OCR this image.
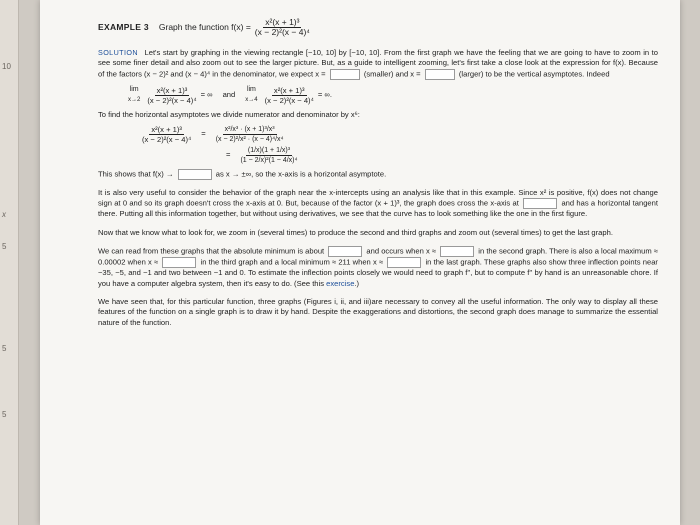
10
x
5
5
5
EXAMPLE 3 Graph the function $f(x) = \frac{\text{x²(x + 1)³}}{\text{(x − 2)²(x − 4)⁴}}$

SOLUTION Let's start by graphing in the viewing rectangle [−10, 10] by [−10, 10]. From the first graph we have the feeling that we are going to have to zoom in to see some finer detail and also zoom out to see the larger picture. But, as a guide to intelligent zooming, let's first take a close look at the expression for f(x). Because of the factors (x − 2)² and (x − 4)⁴ in the denominator, we expect x =	(smaller) and x =	(larger) to be the vertical asymptotes. Indeed

lim
$x\to 2 \frac{\text{x²(x + 1)³}}{\text{(x − 2)²(x − 4)⁴}}$ = ∞ and
lim
$x\to 4 \frac{\text{x²(x + 1)³}}{\text{(x − 2)²(x − 4)⁴}}$ = ∞.

To find the horizontal asymptotes we divide numerator and denominator by x⁶:

$\frac{\text{x²(x + 1)³}}{\text{(x − 2)²(x − 4)⁴}} = \frac{\text{x²/x³ · (x + 1)³/x³}}{\text{(x − 2)²/x² · (x − 4)⁴/x⁴}}$
= $\frac{\text{(1/x)(1 + 1/x)³}}{\text{(1 − 2/x)²(1 − 4/x)⁴}}$

This shows that f(x) →	as x → ±∞, so the x-axis is a horizontal asymptote.

It is also very useful to consider the behavior of the graph near the x-intercepts using an analysis like that in this example. Since x² is positive, f(x) does not change sign at 0 and so its graph doesn't cross the x-axis at 0. But, because of the factor (x + 1)³, the graph does cross the x-axis at	and has a horizontal tangent there. Putting all this information together, but without using derivatives, we see that the curve has to look something like the one in the first figure.

Now that we know what to look for, we zoom in (several times) to produce the second and third graphs and zoom out (several times) to get the last graph.

We can read from these graphs that the absolute minimum is about	and occurs when x ≈	in the second graph. There is also a local maximum ≈ 0.00002 when x ≈	in the third graph and a local minimum ≈ 211 when x ≈	in the last graph. These graphs also show three inflection points near −35, −5, and −1 and two between −1 and 0. To estimate the inflection points closely we would need to graph f'', but to compute f'' by hand is an unreasonable chore. If you have a computer algebra system, then it's easy to do. (See this exercise.)

We have seen that, for this particular function, three graphs (Figures i, ii, and iii)are necessary to convey all the useful information. The only way to display all these features of the function on a single graph is to draw it by hand. Despite the exaggerations and distortions, the second graph does manage to summarize the essential nature of the function.
